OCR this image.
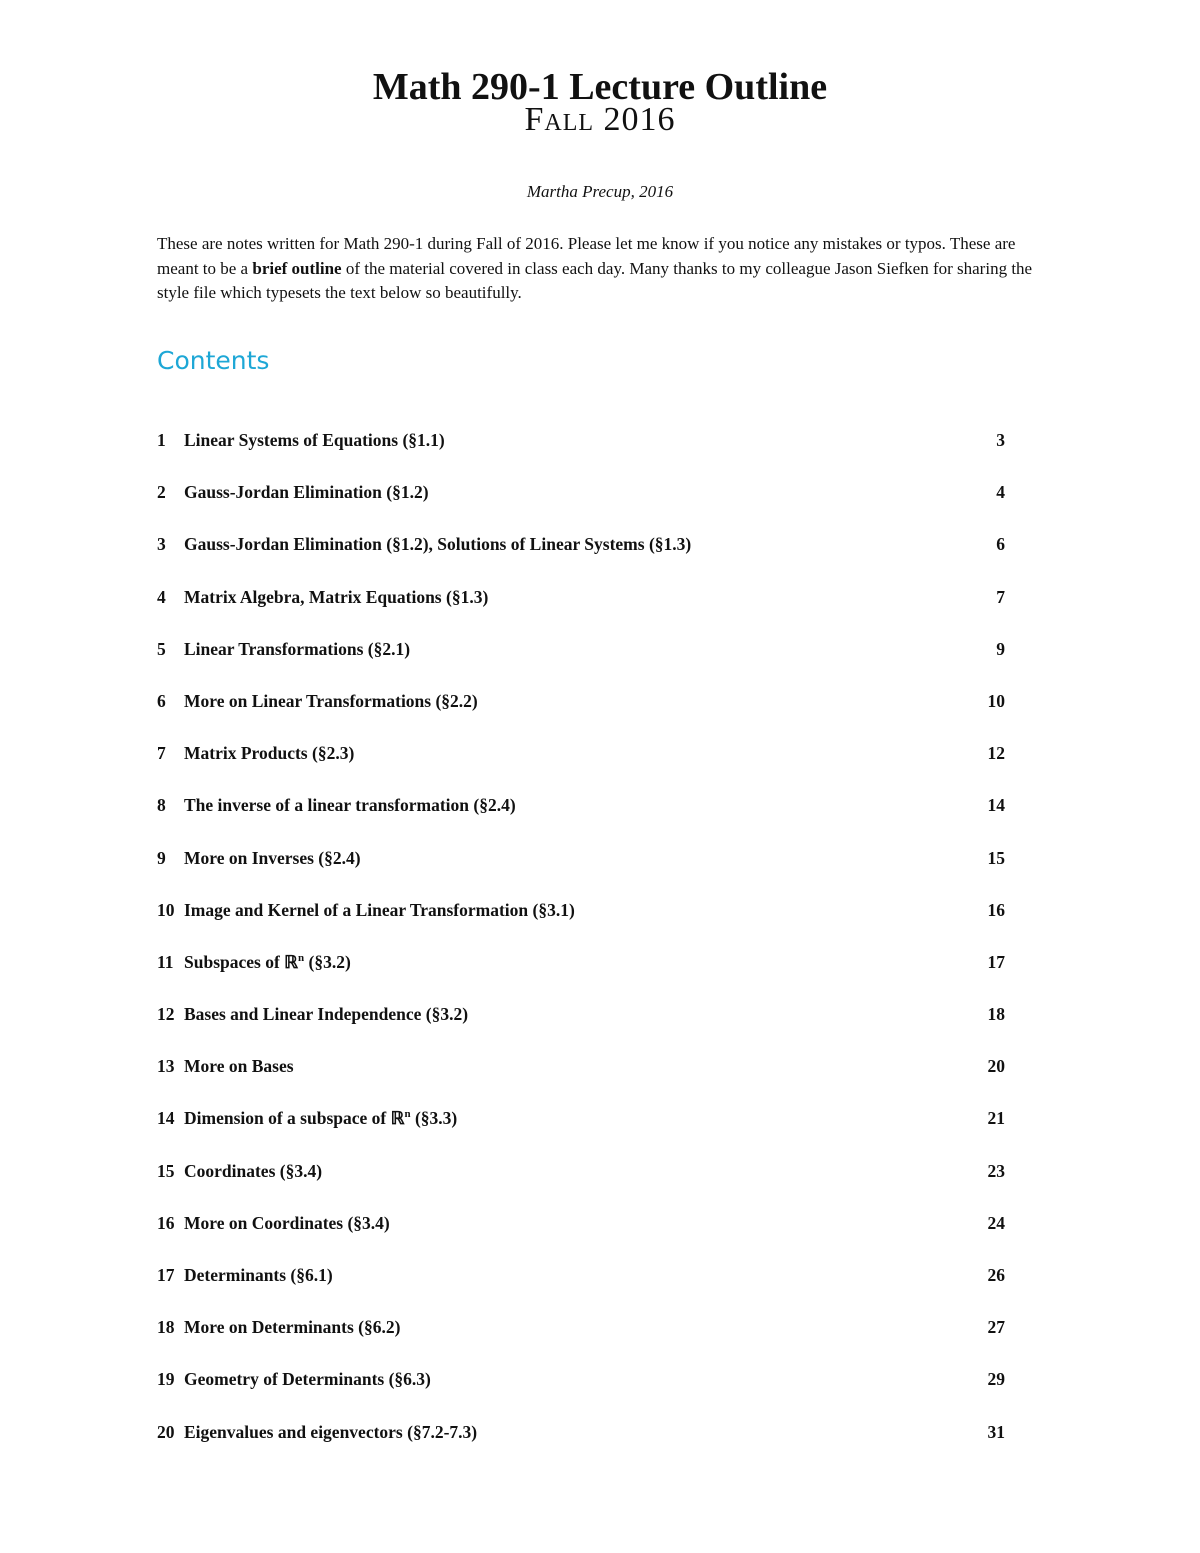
Math 290-1 Lecture Outline
Fall 2016
Martha Precup, 2016

These are notes written for Math 290-1 during Fall of 2016. Please let me know if you notice any mistakes or typos. These are meant to be a brief outline of the material covered in class each day. Many thanks to my colleague Jason Siefken for sharing the style file which typesets the text below so beautifully.

Contents
1	Linear Systems of Equations (§1.1)	3
2	Gauss-Jordan Elimination (§1.2)	4
3	Gauss-Jordan Elimination (§1.2), Solutions of Linear Systems (§1.3)	6
4	Matrix Algebra, Matrix Equations (§1.3)	7
5	Linear Transformations (§2.1)	9
6	More on Linear Transformations (§2.2)	10
7	Matrix Products (§2.3)	12
8	The inverse of a linear transformation (§2.4)	14
9	More on Inverses (§2.4)	15
10 Image and Kernel of a Linear Transformation (§3.1)	16
11 Subspaces of ℝ$^n$ (§3.2)	17
12 Bases and Linear Independence (§3.2)	18
13 More on Bases	20
14 Dimension of a subspace of ℝ$^n$ (§3.3)	21
15 Coordinates (§3.4)	23
16 More on Coordinates (§3.4)	24
17 Determinants (§6.1)	26
18 More on Determinants (§6.2)	27
19 Geometry of Determinants (§6.3)	29
20 Eigenvalues and eigenvectors (§7.2-7.3)	31
